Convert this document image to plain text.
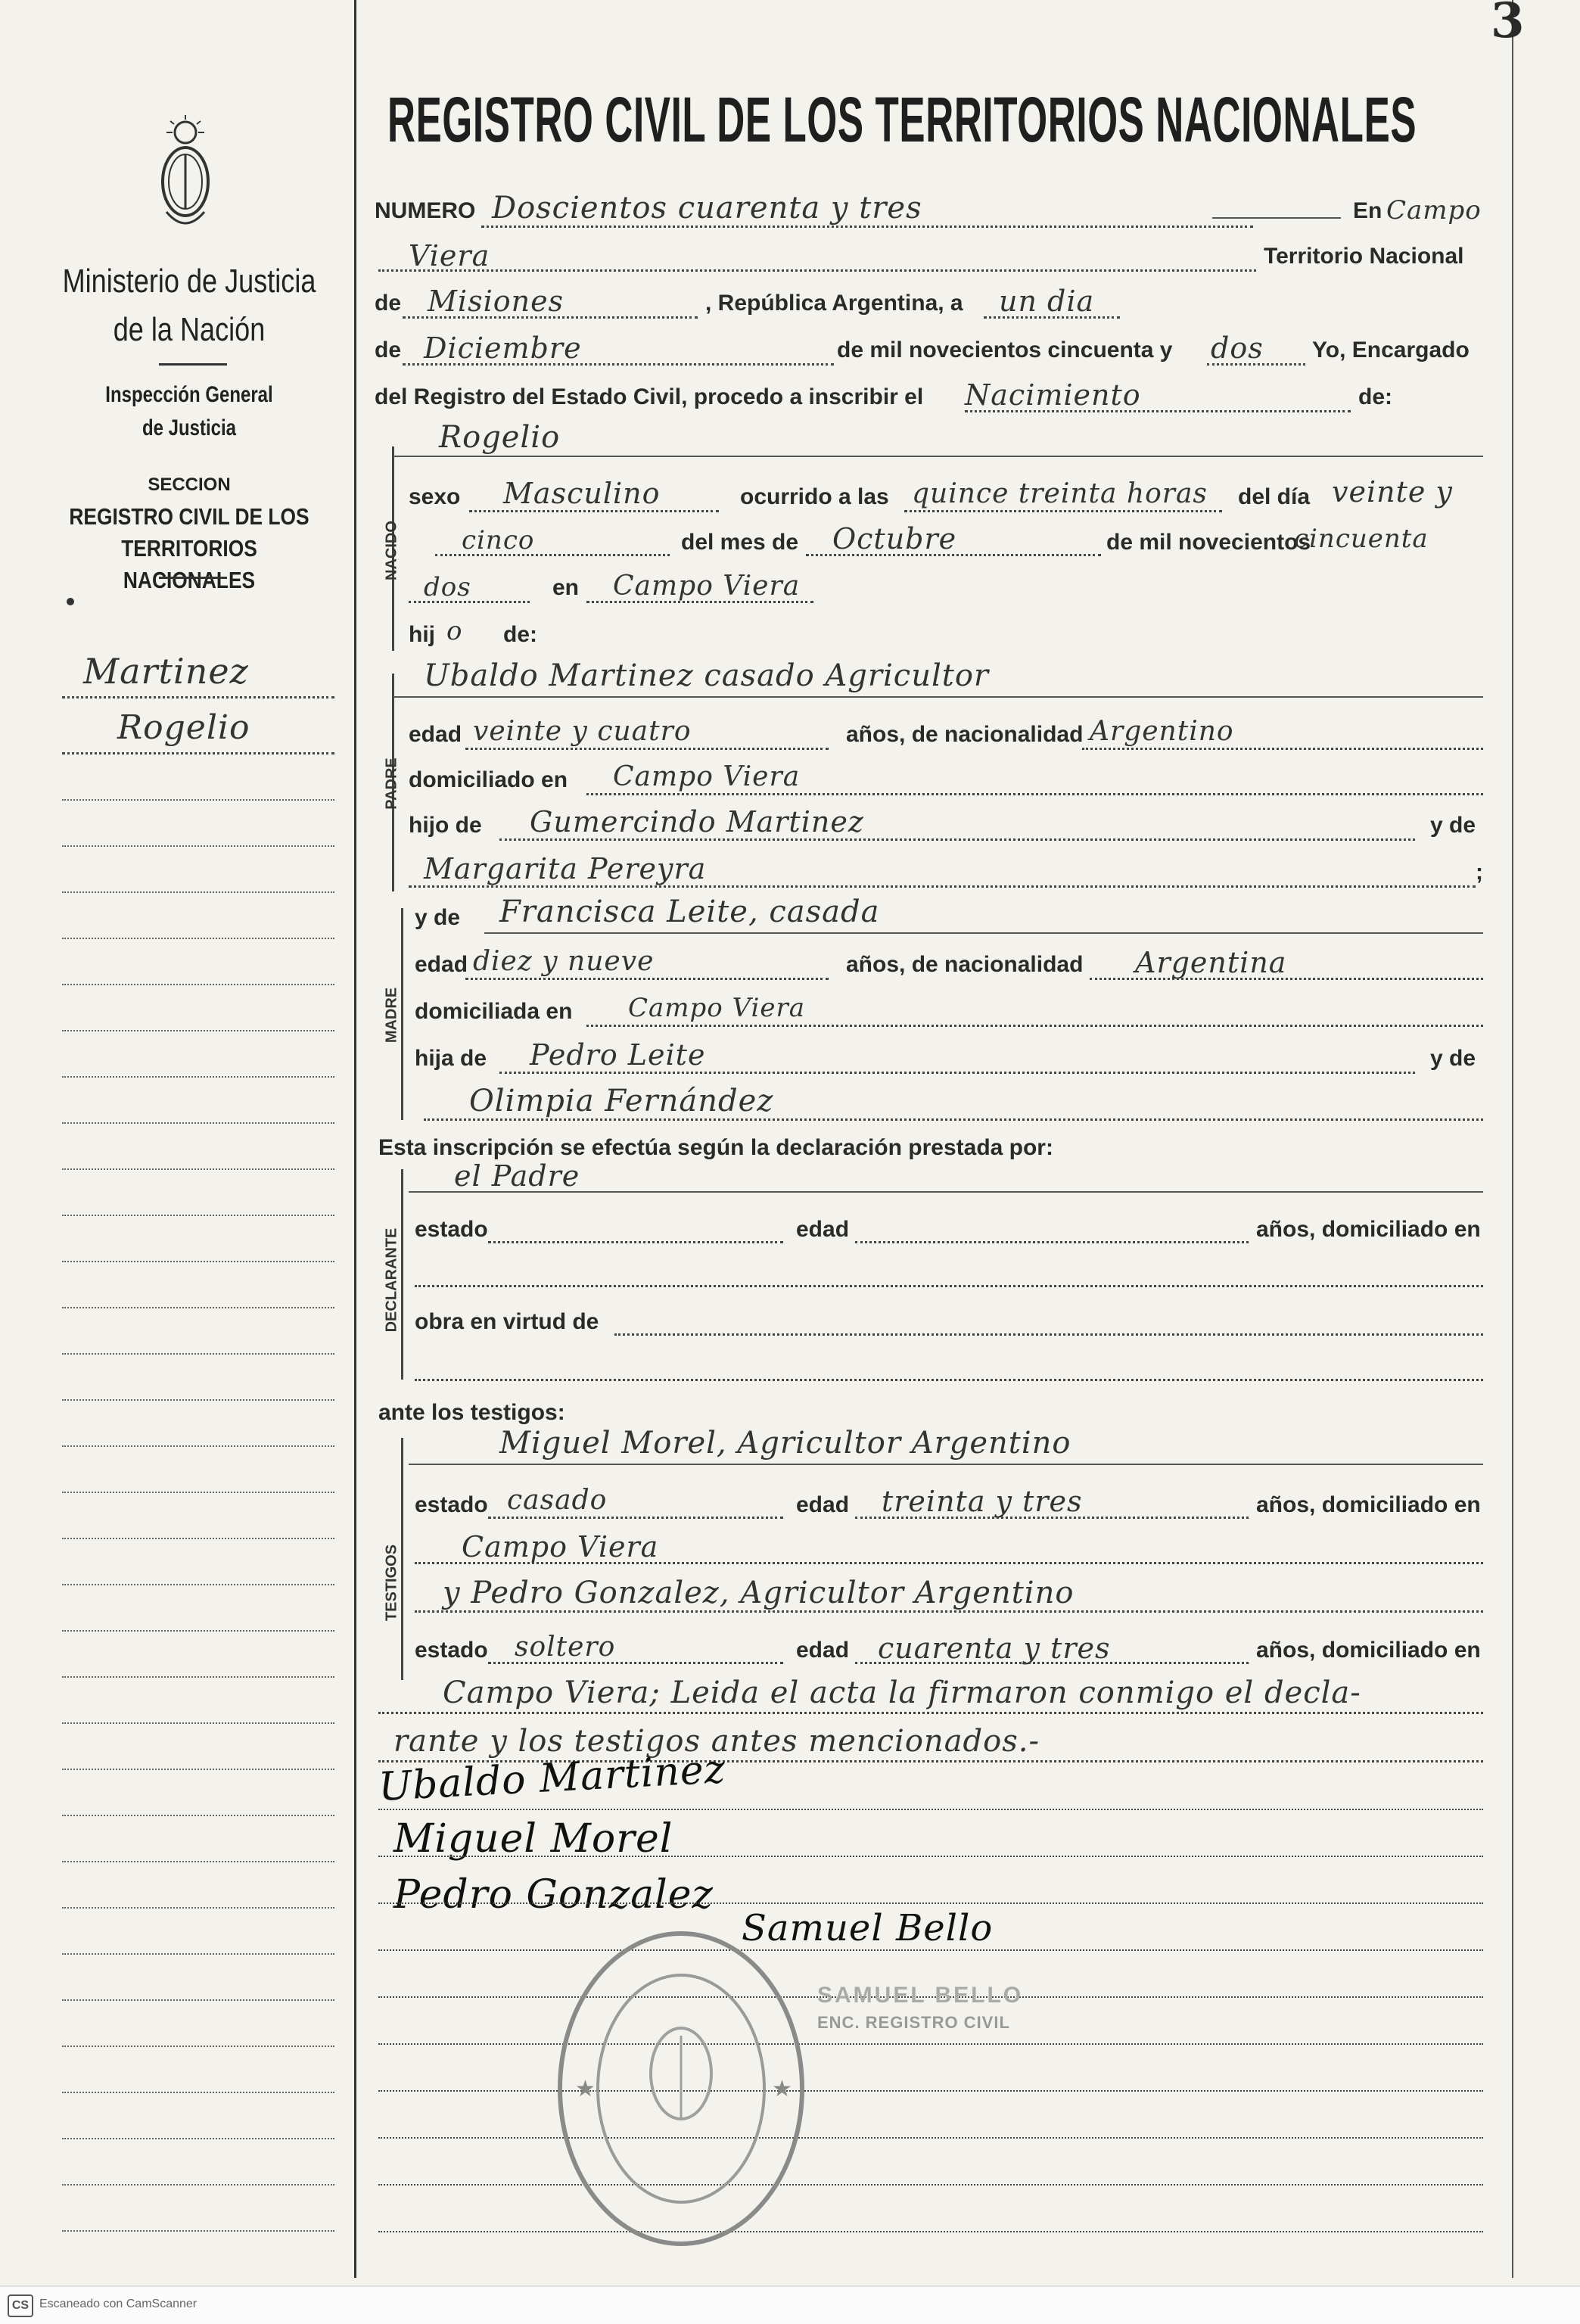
3
Ministerio de Justicia
de la Nación
Inspección General
de Justicia
SECCION
REGISTRO CIVIL DE LOS
TERRITORIOS NACIONALES
Martinez
Rogelio
REGISTRO CIVIL DE LOS TERRITORIOS NACIONALES
NUMERO Doscientos cuarenta y tres	En Campo
Viera	Territorio Nacional
de Misiones	, República Argentina, a un dia
de Diciembre	de mil novecientos cincuenta y dos Yo, Encargado
del Registro del Estado Civil, procedo a inscribir el Nacimiento	de:
NACIDO
Rogelio
sexo Masculino	ocurrido a las quince treinta horas del día veinte y
cinco	del mes de Octubre	de mil novecientos
cincuenta
dos	en Campo Viera
hij o de:
PADRE
Ubaldo Martinez casado Agricultor
edad veinte y cuatro	años, de nacionalidad Argentino
domiciliado en Campo Viera
hijo de Gumercindo Martinez	y de
Margarita Pereyra	;
MADRE
y de Francisca Leite, casada
edad diez y nueve	años, de nacionalidad Argentina
domiciliada en Campo Viera
hija de Pedro Leite	y de
Olimpia Fernández
Esta inscripción se efectúa según la declaración prestada por:
DECLARANTE
el Padre
estado	edad	años, domiciliado en
obra en virtud de
ante los testigos:
TESTIGOS
Miguel Morel, Agricultor Argentino
estado casado	edad treinta y tres	años, domiciliado en
Campo Viera
y Pedro Gonzalez, Agricultor Argentino
estado soltero	edad cuarenta y tres	años, domiciliado en
Campo Viera; Leida el acta la firmaron conmigo el decla-
rante y los testigos antes mencionados.-
Ubaldo Martinez
Miguel Morel
Pedro Gonzalez
Samuel Bello
★	★
SAMUEL BELLO
ENC. REGISTRO CIVIL
CS Escaneado con CamScanner
